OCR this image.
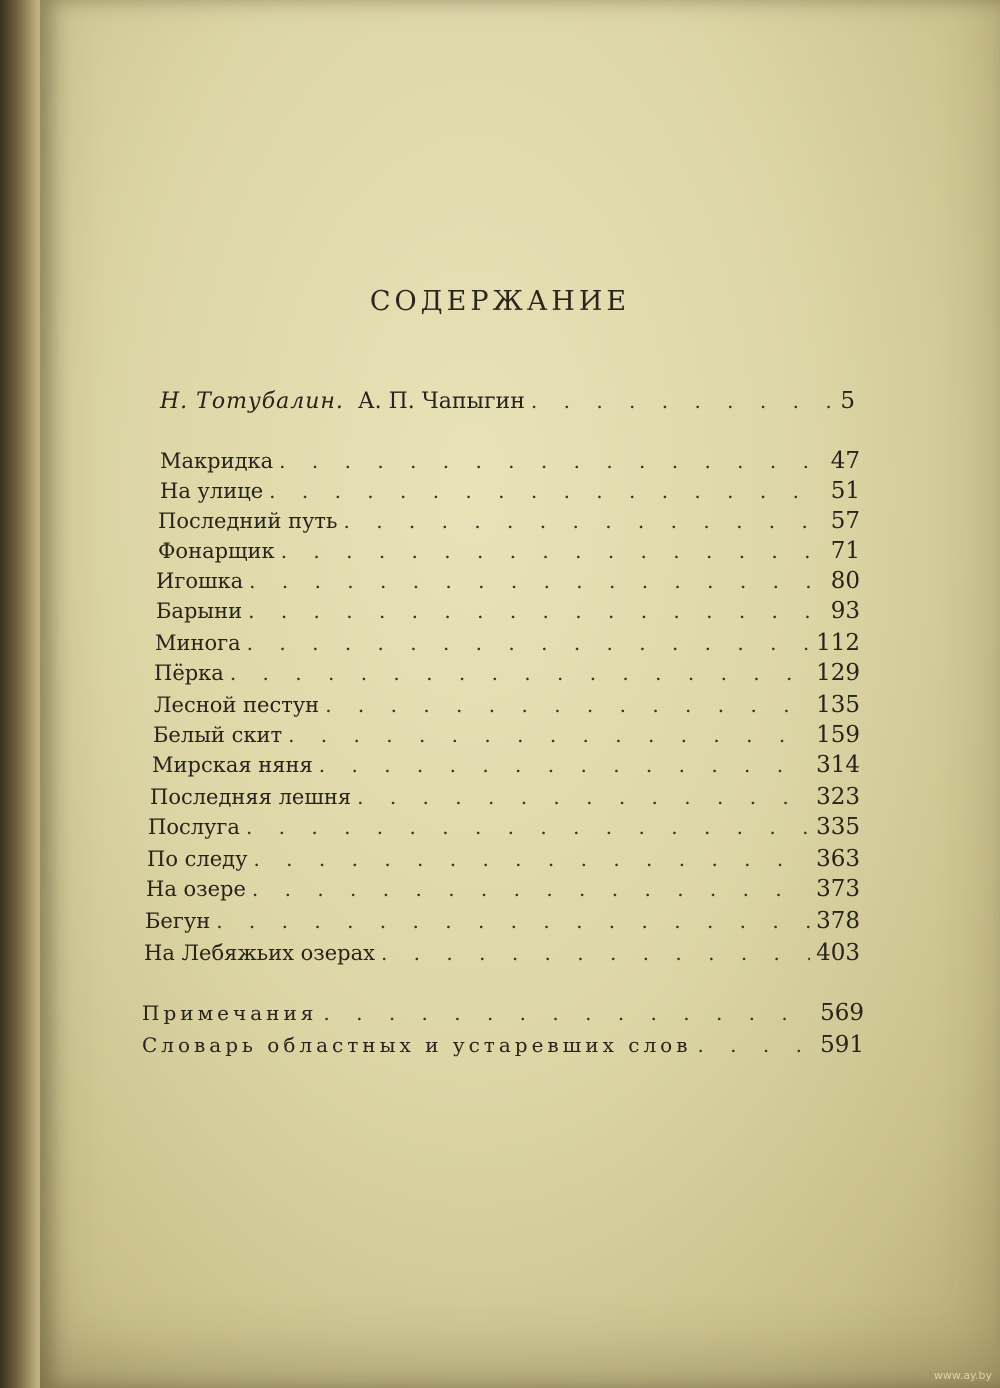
СОДЕРЖАНИЕ
Н. Тотубалин. А. П. Чапыгин . . .	5
Макридка . . .	47
На улице . . .	51
Последний путь . . .	57
Фонарщик . . .	71
Игошка . . .	80
Барыни . . .	93
Минога . . .	112
Пёрка . . .	129
Лесной пестун . . .	135
Белый скит . . .	159
Мирская няня . . .	314
Последняя лешня . . .	323
Послуга . . .	335
По следу . . .	363
На озере . . .	373
Бегун . . .	378
На Лебяжьих озерах . . .	403
Примечания . . .	569
Словарь областных и устаревших слов . . .	591
www.ay.by
